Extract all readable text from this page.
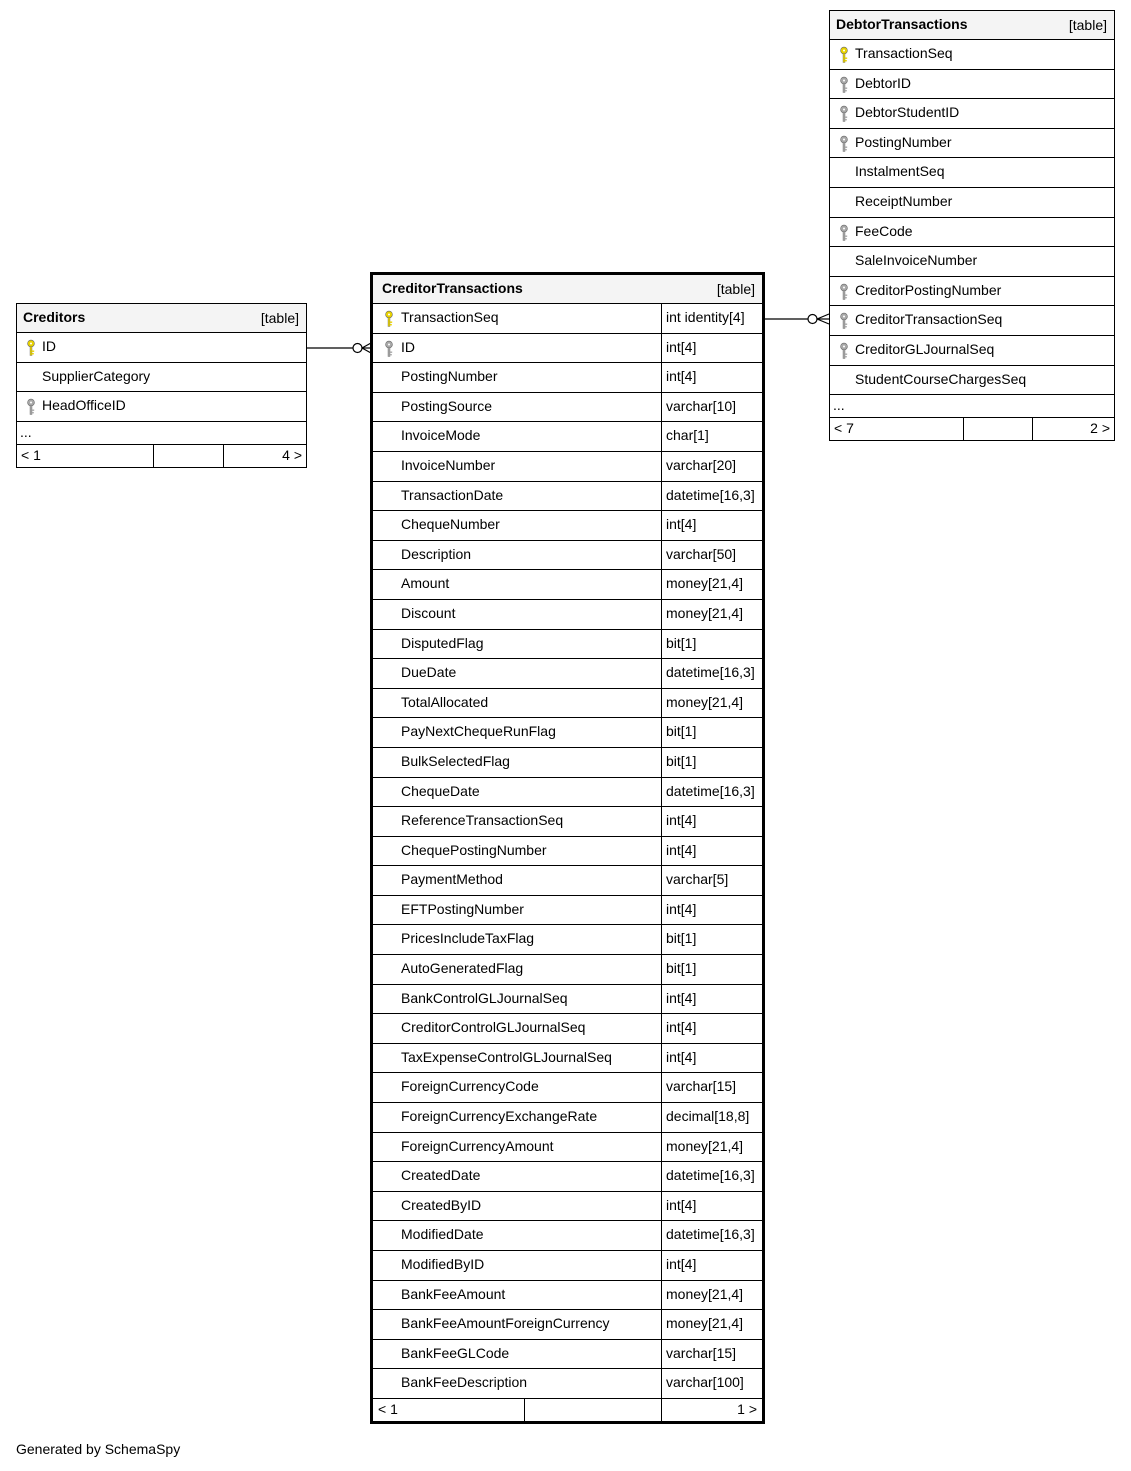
Creditors	[table]
ID
SupplierCategory
HeadOfficeID
...
< 1	4 >
CreditorTransactions	[table]
TransactionSeq	int identity[4]
ID	int[4]
PostingNumber	int[4]
PostingSource	varchar[10]
InvoiceMode	char[1]
InvoiceNumber	varchar[20]
TransactionDate	datetime[16,3]
ChequeNumber	int[4]
Description	varchar[50]
Amount	money[21,4]
Discount	money[21,4]
DisputedFlag	bit[1]
DueDate	datetime[16,3]
TotalAllocated	money[21,4]
PayNextChequeRunFlag	bit[1]
BulkSelectedFlag	bit[1]
ChequeDate	datetime[16,3]
ReferenceTransactionSeq	int[4]
ChequePostingNumber	int[4]
PaymentMethod	varchar[5]
EFTPostingNumber	int[4]
PricesIncludeTaxFlag	bit[1]
AutoGeneratedFlag	bit[1]
BankControlGLJournalSeq	int[4]
CreditorControlGLJournalSeq	int[4]
TaxExpenseControlGLJournalSeq	int[4]
ForeignCurrencyCode	varchar[15]
ForeignCurrencyExchangeRate	decimal[18,8]
ForeignCurrencyAmount	money[21,4]
CreatedDate	datetime[16,3]
CreatedByID	int[4]
ModifiedDate	datetime[16,3]
ModifiedByID	int[4]
BankFeeAmount	money[21,4]
BankFeeAmountForeignCurrency	money[21,4]
BankFeeGLCode	varchar[15]
BankFeeDescription	varchar[100]
< 1	1 >
DebtorTransactions	[table]
TransactionSeq
DebtorID
DebtorStudentID
PostingNumber
InstalmentSeq
ReceiptNumber
FeeCode
SaleInvoiceNumber
CreditorPostingNumber
CreditorTransactionSeq
CreditorGLJournalSeq
StudentCourseChargesSeq
...
< 7	2 >
Generated by SchemaSpy
